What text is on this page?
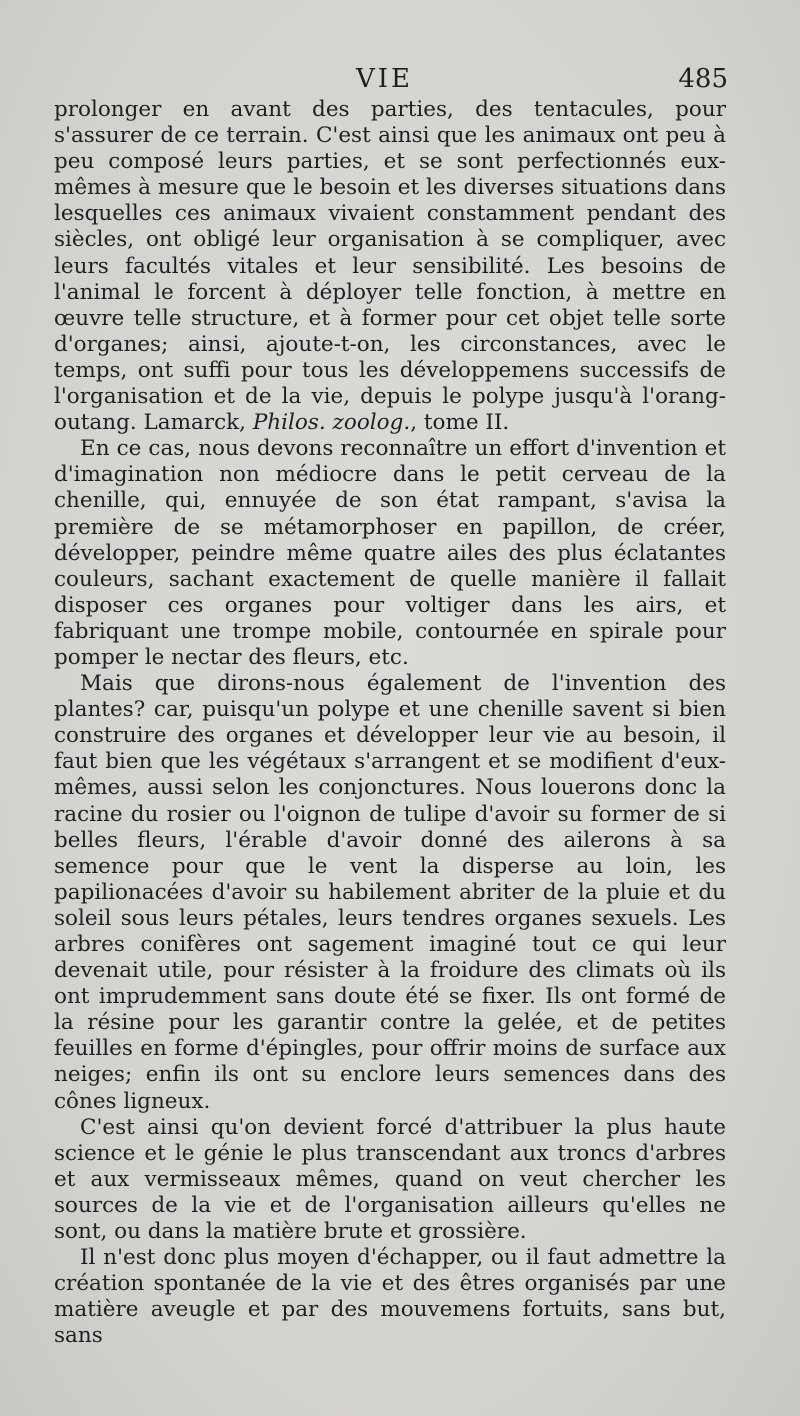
VIE	485

prolonger en avant des parties, des tentacules, pour s'assurer de ce terrain. C'est ainsi que les animaux ont peu à peu composé leurs parties, et se sont perfectionnés eux-mêmes à mesure que le besoin et les diverses situations dans lesquelles ces animaux vivaient constamment pendant des siècles, ont obligé leur organisation à se compliquer, avec leurs facultés vitales et leur sensibilité. Les besoins de l'animal le forcent à déployer telle fonction, à mettre en œuvre telle structure, et à former pour cet objet telle sorte d'organes; ainsi, ajoute-t-on, les circonstances, avec le temps, ont suffi pour tous les développemens successifs de l'organisation et de la vie, depuis le polype jusqu'à l'orang-outang. Lamarck, Philos. zoolog., tome II.

En ce cas, nous devons reconnaître un effort d'invention et d'imagination non médiocre dans le petit cerveau de la chenille, qui, ennuyée de son état rampant, s'avisa la première de se métamorphoser en papillon, de créer, développer, peindre même quatre ailes des plus éclatantes couleurs, sachant exactement de quelle manière il fallait disposer ces organes pour voltiger dans les airs, et fabriquant une trompe mobile, contournée en spirale pour pomper le nectar des fleurs, etc.

Mais que dirons-nous également de l'invention des plantes? car, puisqu'un polype et une chenille savent si bien construire des organes et développer leur vie au besoin, il faut bien que les végétaux s'arrangent et se modifient d'eux-mêmes, aussi selon les conjonctures. Nous louerons donc la racine du rosier ou l'oignon de tulipe d'avoir su former de si belles fleurs, l'érable d'avoir donné des ailerons à sa semence pour que le vent la disperse au loin, les papilionacées d'avoir su habilement abriter de la pluie et du soleil sous leurs pétales, leurs tendres organes sexuels. Les arbres conifères ont sagement imaginé tout ce qui leur devenait utile, pour résister à la froidure des climats où ils ont imprudemment sans doute été se fixer. Ils ont formé de la résine pour les garantir contre la gelée, et de petites feuilles en forme d'épingles, pour offrir moins de surface aux neiges; enfin ils ont su enclore leurs semences dans des cônes ligneux.

C'est ainsi qu'on devient forcé d'attribuer la plus haute science et le génie le plus transcendant aux troncs d'arbres et aux vermisseaux mêmes, quand on veut chercher les sources de la vie et de l'organisation ailleurs qu'elles ne sont, ou dans la matière brute et grossière.

Il n'est donc plus moyen d'échapper, ou il faut admettre la création spontanée de la vie et des êtres organisés par une matière aveugle et par des mouvemens fortuits, sans but, sans
